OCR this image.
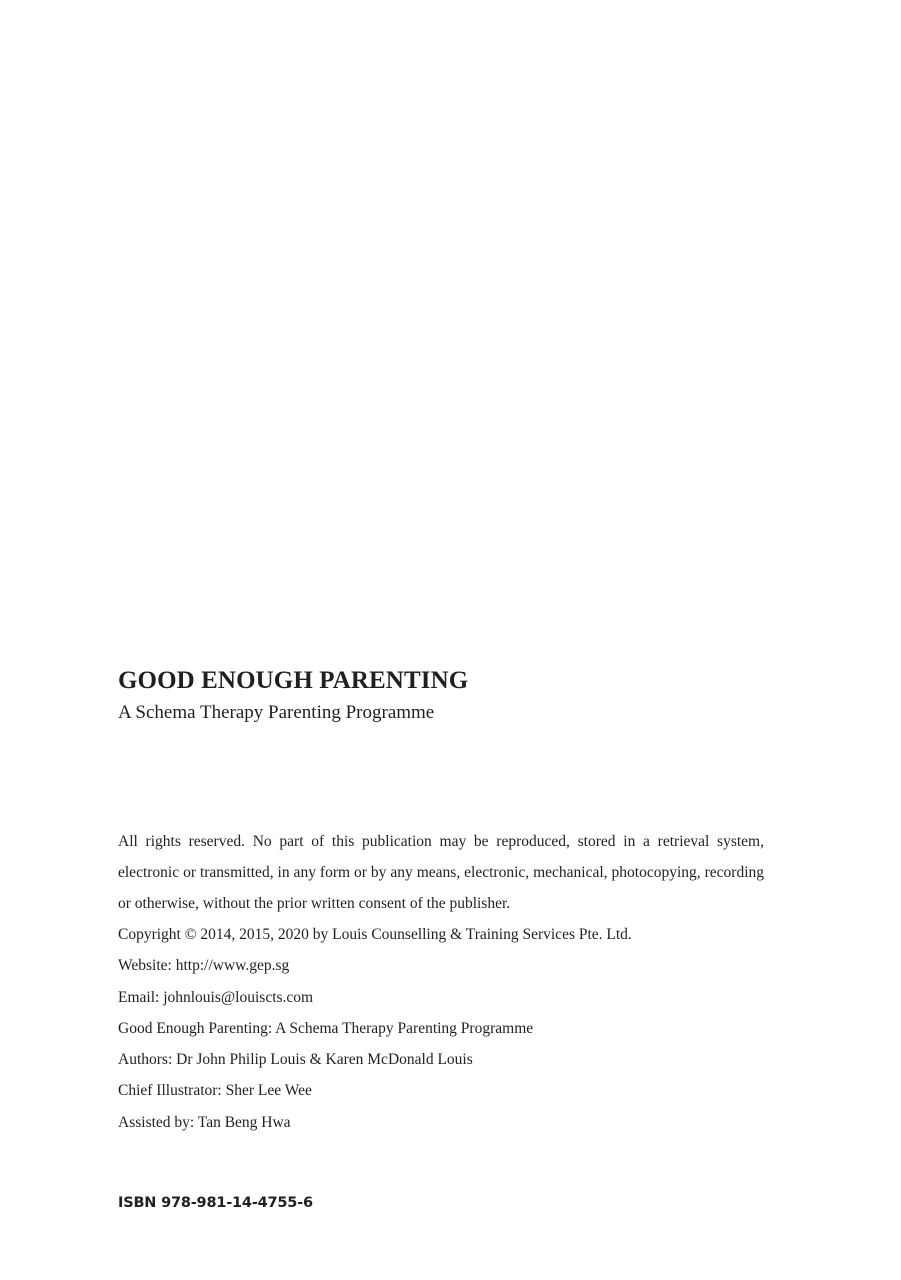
GOOD ENOUGH PARENTING

A Schema Therapy Parenting Programme

All rights reserved. No part of this publication may be reproduced, stored in a retrieval system, electronic or transmitted, in any form or by any means, electronic, mechanical, photocopying, recording or otherwise, without the prior written consent of the publisher.

Copyright © 2014, 2015, 2020 by Louis Counselling & Training Services Pte. Ltd.

Website: http://www.gep.sg

Email: johnlouis@louiscts.com

Good Enough Parenting: A Schema Therapy Parenting Programme

Authors: Dr John Philip Louis & Karen McDonald Louis

Chief Illustrator: Sher Lee Wee

Assisted by: Tan Beng Hwa

ISBN 978-981-14-4755-6
